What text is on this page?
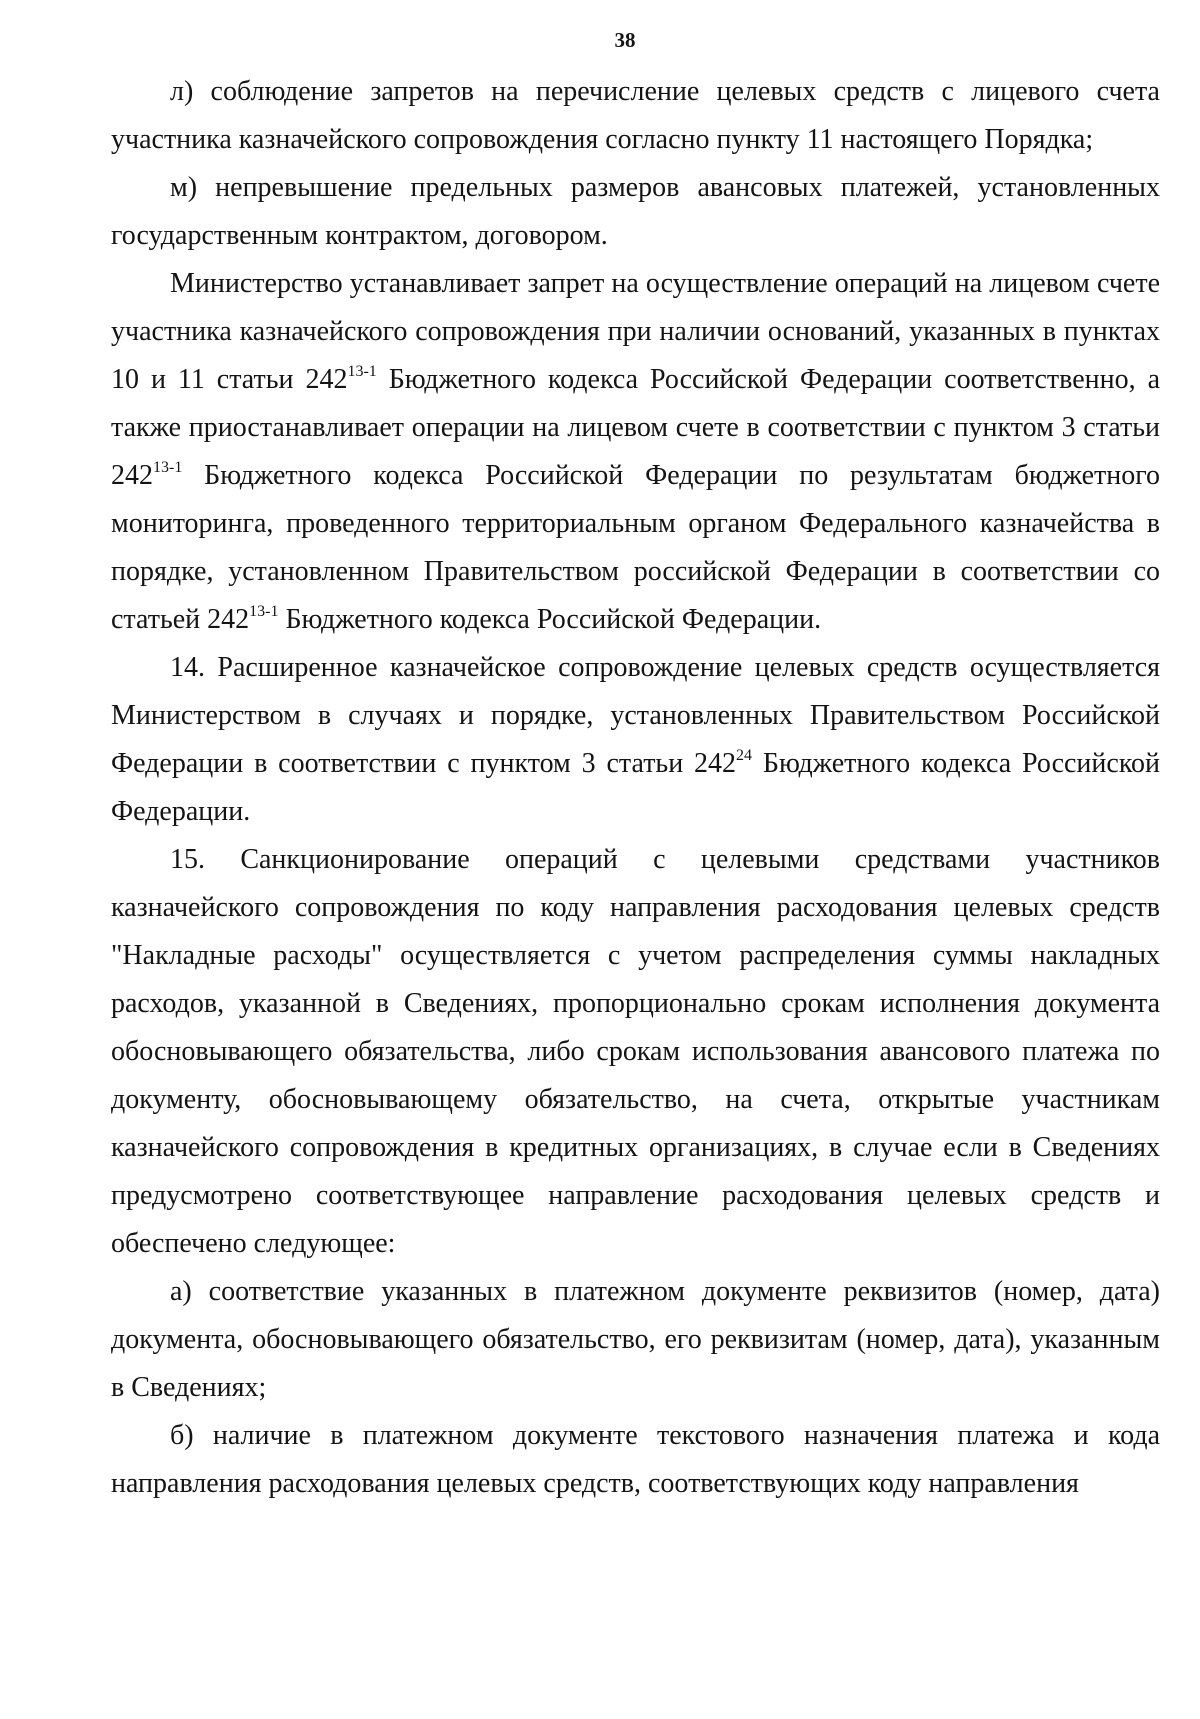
38

л) соблюдение запретов на перечисление целевых средств с лицевого счета участника казначейского сопровождения согласно пункту 11 настоящего Порядка;

м) непревышение предельных размеров авансовых платежей, установленных государственным контрактом, договором.

Министерство устанавливает запрет на осуществление операций на лицевом счете участника казначейского сопровождения при наличии оснований, указанных в пунктах 10 и 11 статьи 242$^{13-1}$ Бюджетного кодекса Российской Федерации соответственно, а также приостанавливает операции на лицевом счете в соответствии с пунктом 3 статьи 242$^{13-1}$ Бюджетного кодекса Российской Федерации по результатам бюджетного мониторинга, проведенного территориальным органом Федерального казначейства в порядке, установленном Правительством российской Федерации в соответствии со статьей 242$^{13-1}$ Бюджетного кодекса Российской Федерации.

14. Расширенное казначейское сопровождение целевых средств осуществляется Министерством в случаях и порядке, установленных Правительством Российской Федерации в соответствии с пунктом 3 статьи $242^{24}$ Бюджетного кодекса Российской Федерации.

15. Санкционирование операций с целевыми средствами участников казначейского сопровождения по коду направления расходования целевых средств "Накладные расходы" осуществляется с учетом распределения суммы накладных расходов, указанной в Сведениях, пропорционально срокам исполнения документа обосновывающего обязательства, либо срокам использования авансового платежа по документу, обосновывающему обязательство, на счета, открытые участникам казначейского сопровождения в кредитных организациях, в случае если в Сведениях предусмотрено соответствующее направление расходования целевых средств и обеспечено следующее:

а) соответствие указанных в платежном документе реквизитов (номер, дата) документа, обосновывающего обязательство, его реквизитам (номер, дата), указанным в Сведениях;

б) наличие в платежном документе текстового назначения платежа и кода направления расходования целевых средств, соответствующих коду направления
